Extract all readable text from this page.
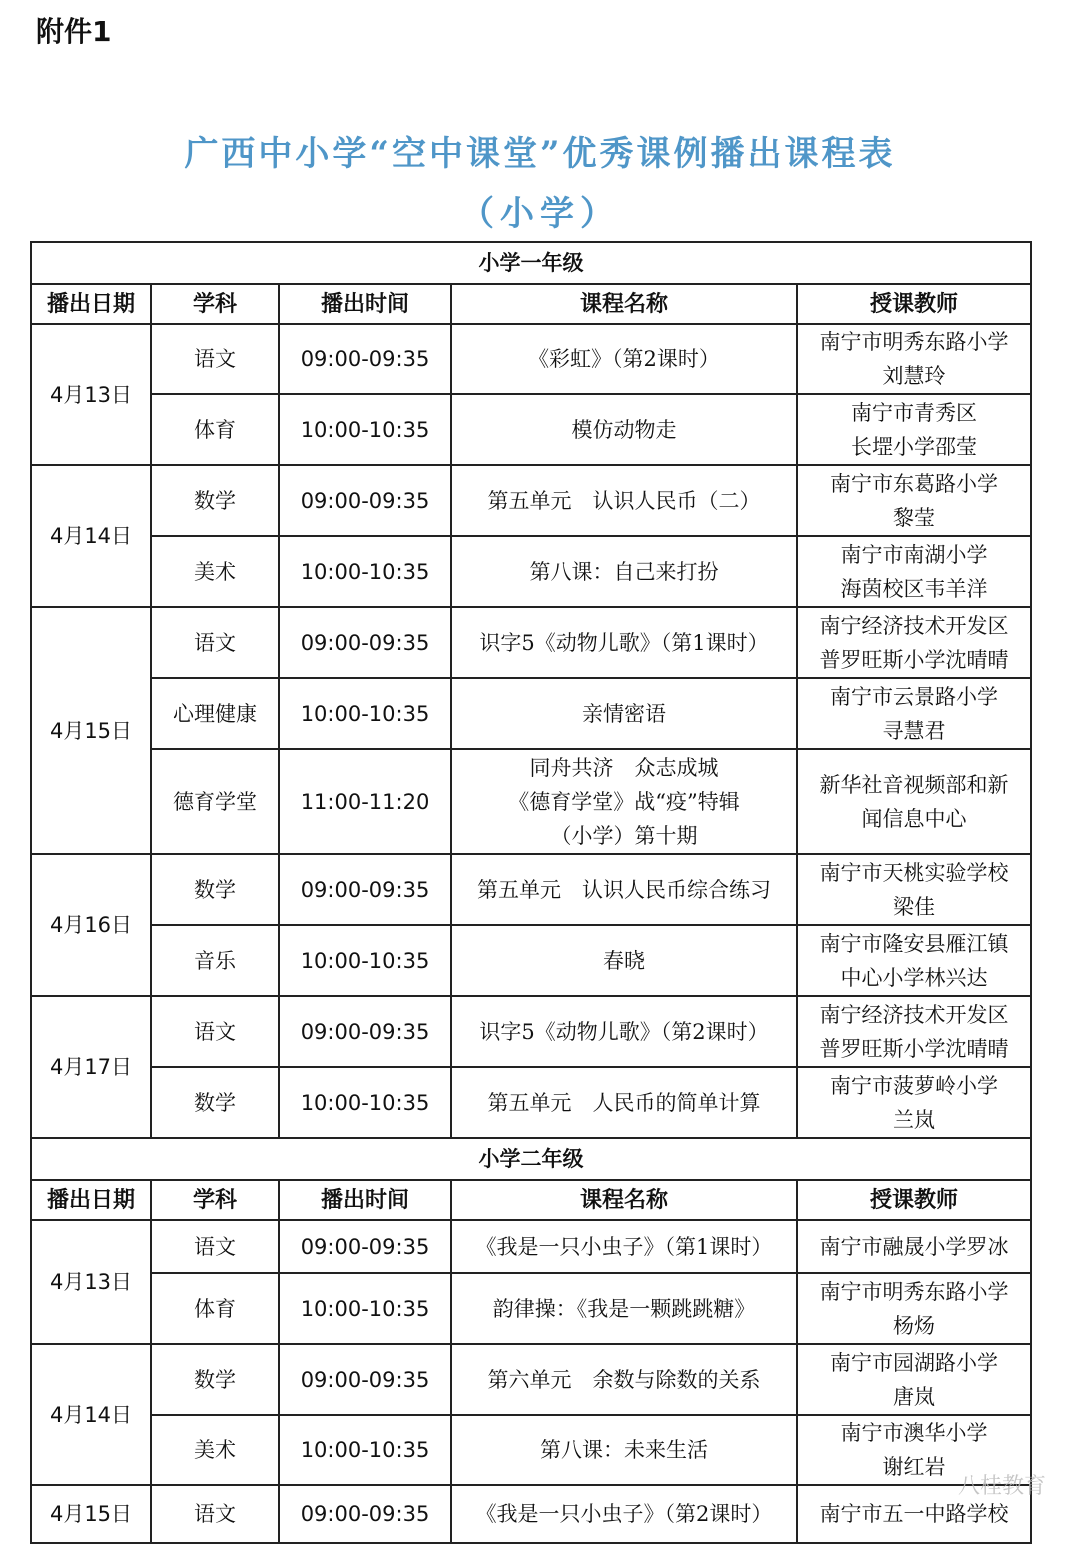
附件1
广西中小学“空中课堂”优秀课例播出课程表
（小学）
小学一年级				
播出日期	学科	播出时间	课程名称	授课教师
4月13日	语文	09:00-09:35	《彩虹》（第2课时）	南宁市明秀东路小学
刘慧玲

	体育	10:00-10:35	模仿动物走	南宁市青秀区
长堽小学邵莹

4月14日	数学	09:00-09:35	第五单元　认识人民币（二）	南宁市东葛路小学
黎莹

	美术	10:00-10:35	第八课：自己来打扮	南宁市南湖小学
海茵校区韦羊洋

4月15日	语文	09:00-09:35	识字5《动物儿歌》（第1课时）	南宁经济技术开发区
普罗旺斯小学沈晴晴

	心理健康	10:00-10:35	亲情密语	南宁市云景路小学
寻慧君

	德育学堂	11:00-11:20	同舟共济　众志成城
《德育学堂》战“疫”特辑
（小学）第十期	新华社音视频部和新
闻信息中心

4月16日	数学	09:00-09:35	第五单元　认识人民币综合练习	南宁市天桃实验学校
梁佳

	音乐	10:00-10:35	春晓	南宁市隆安县雁江镇
中心小学林兴达

4月17日	语文	09:00-09:35	识字5《动物儿歌》（第2课时）	南宁经济技术开发区
普罗旺斯小学沈晴晴

	数学	10:00-10:35	第五单元　人民币的简单计算	南宁市菠萝岭小学
兰岚

小学二年级				
播出日期	学科	播出时间	课程名称	授课教师
4月13日	语文	09:00-09:35	《我是一只小虫子》（第1课时）	南宁市融晟小学罗冰

	体育	10:00-10:35	韵律操：《我是一颗跳跳糖》	南宁市明秀东路小学
杨炀

4月14日	数学	09:00-09:35	第六单元　余数与除数的关系	南宁市园湖路小学
唐岚

	美术	10:00-10:35	第八课：未来生活	南宁市澳华小学
谢红岩

4月15日	语文	09:00-09:35	《我是一只小虫子》（第2课时）	南宁市五一中路学校
八桂教育
